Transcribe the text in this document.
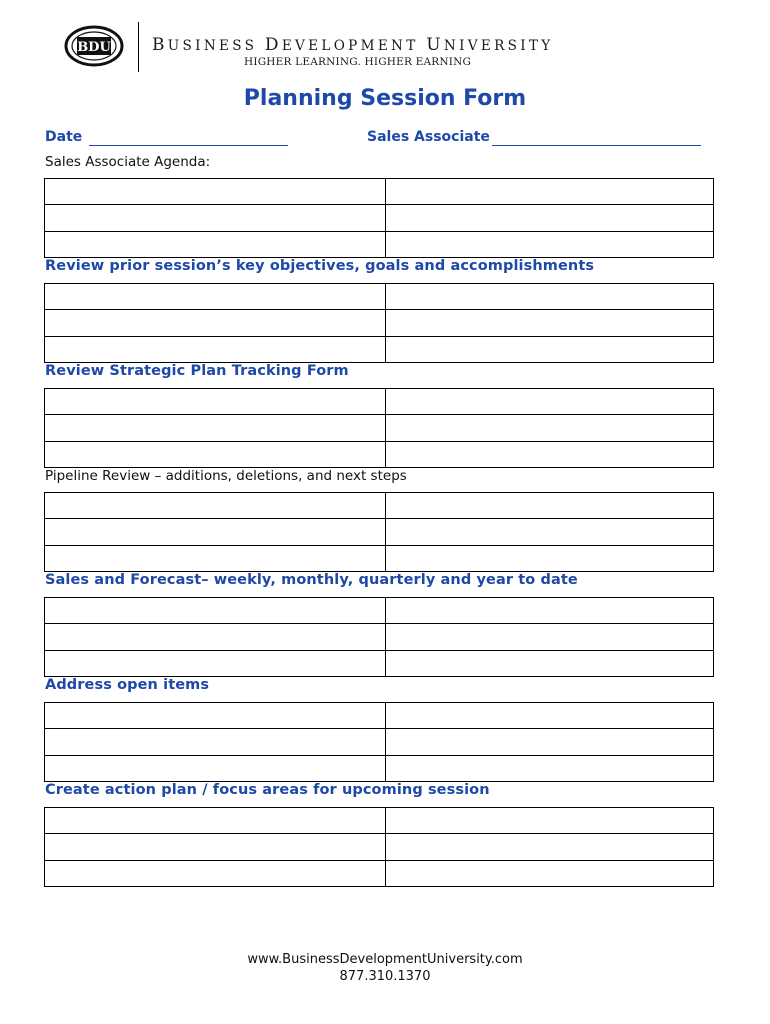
BDU BUSINESS DEVELOPMENT UNIVERSITY
HIGHER LEARNING. HIGHER EARNING
Planning Session Form
Date	Sales Associate
Sales Associate Agenda:

Review prior session’s key objectives, goals and accomplishments

Review Strategic Plan Tracking Form

Pipeline Review – additions, deletions, and next steps

Sales and Forecast– weekly, monthly, quarterly and year to date

Address open items

Create action plan / focus areas for upcoming session

www.BusinessDevelopmentUniversity.com
877.310.1370
